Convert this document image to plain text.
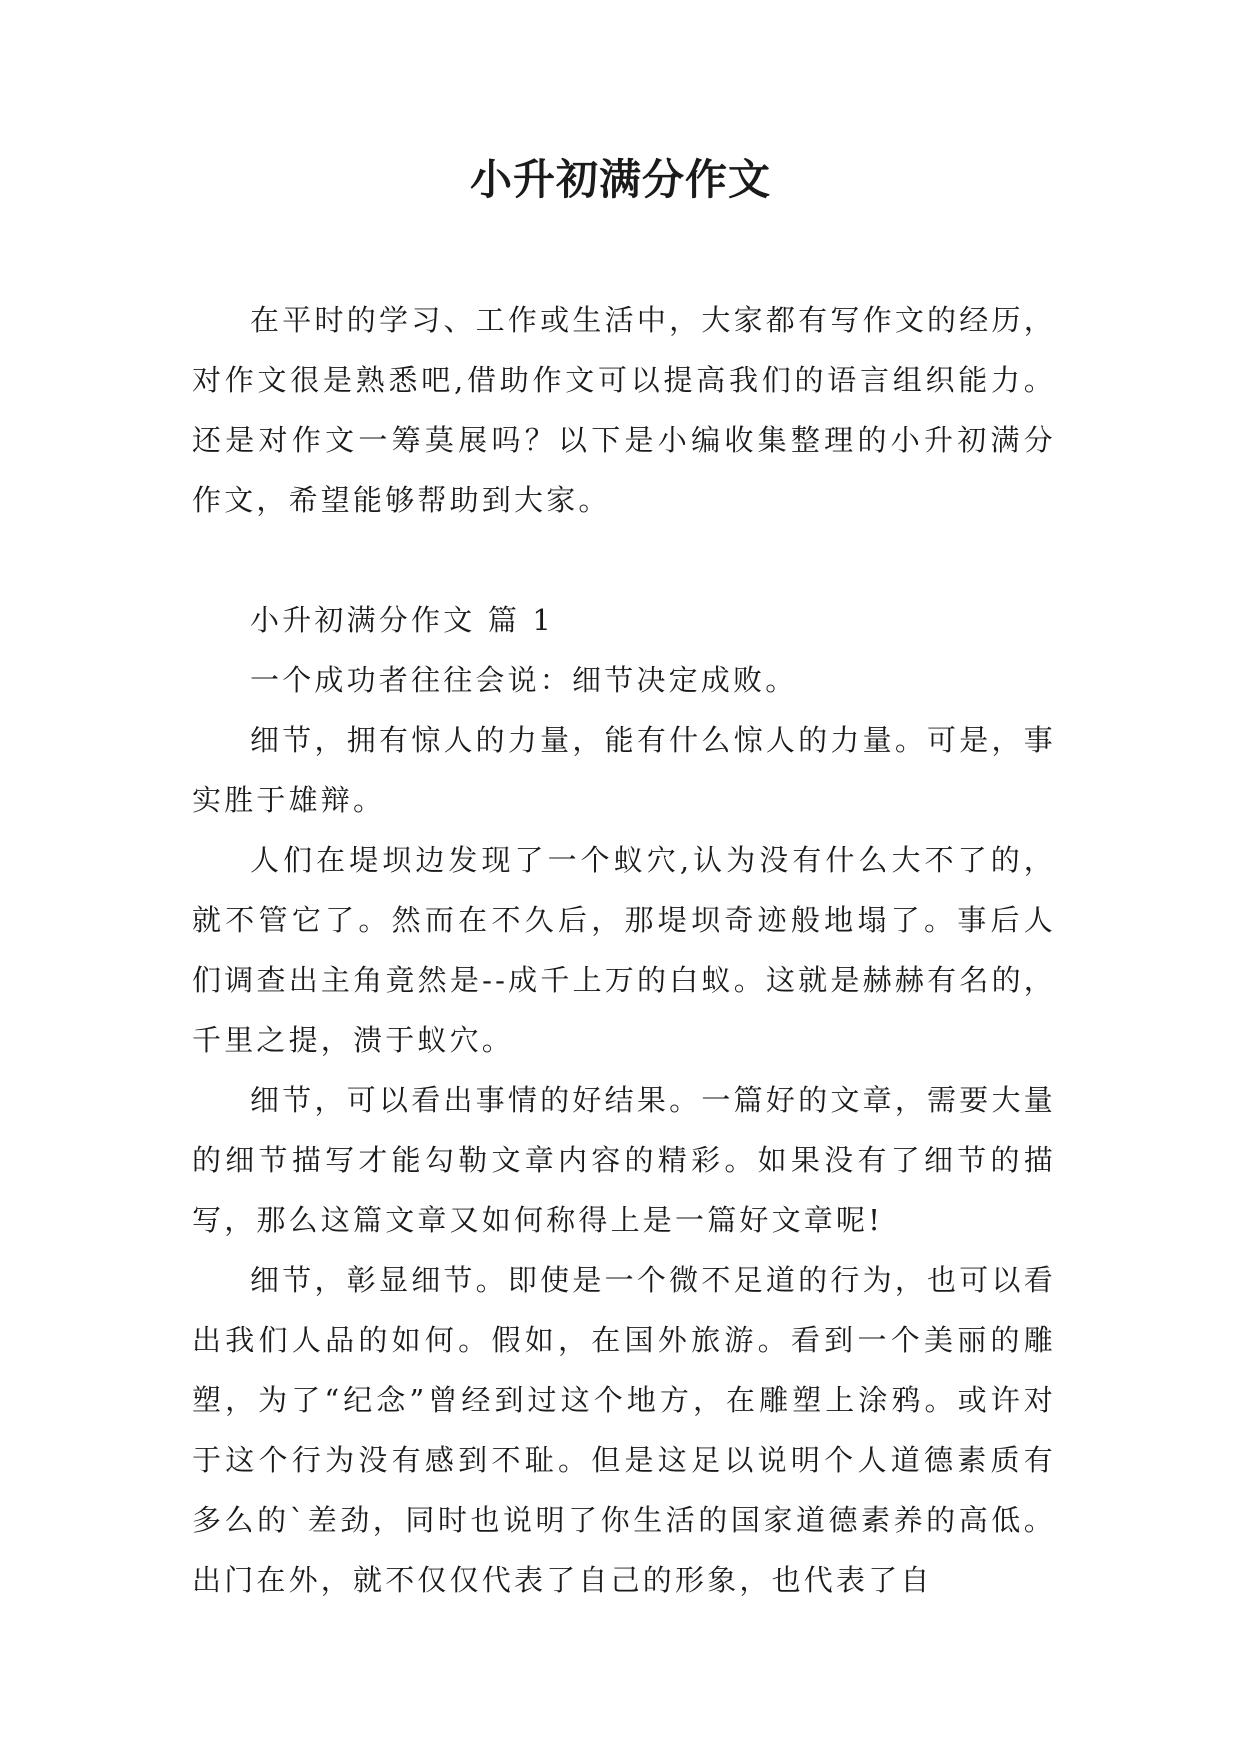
小升初满分作文

在平时的学习、工作或生活中，大家都有写作文的经历，对作文很是熟悉吧,借助作文可以提高我们的语言组织能力。还是对作文一筹莫展吗？以下是小编收集整理的小升初满分作文，希望能够帮助到大家。

小升初满分作文 篇 1

一个成功者往往会说：细节决定成败。

细节，拥有惊人的力量，能有什么惊人的力量。可是，事实胜于雄辩。

人们在堤坝边发现了一个蚁穴,认为没有什么大不了的，就不管它了。然而在不久后，那堤坝奇迹般地塌了。事后人们调查出主角竟然是--成千上万的白蚁。这就是赫赫有名的，千里之提，溃于蚁穴。

细节，可以看出事情的好结果。一篇好的文章，需要大量的细节描写才能勾勒文章内容的精彩。如果没有了细节的描写，那么这篇文章又如何称得上是一篇好文章呢!

细节，彰显细节。即使是一个微不足道的行为，也可以看出我们人品的如何。假如，在国外旅游。看到一个美丽的雕塑，为了“纪念”曾经到过这个地方，在雕塑上涂鸦。或许对于这个行为没有感到不耻。但是这足以说明个人道德素质有多么的`差劲，同时也说明了你生活的国家道德素养的高低。出门在外，就不仅仅代表了自己的形象，也代表了自
